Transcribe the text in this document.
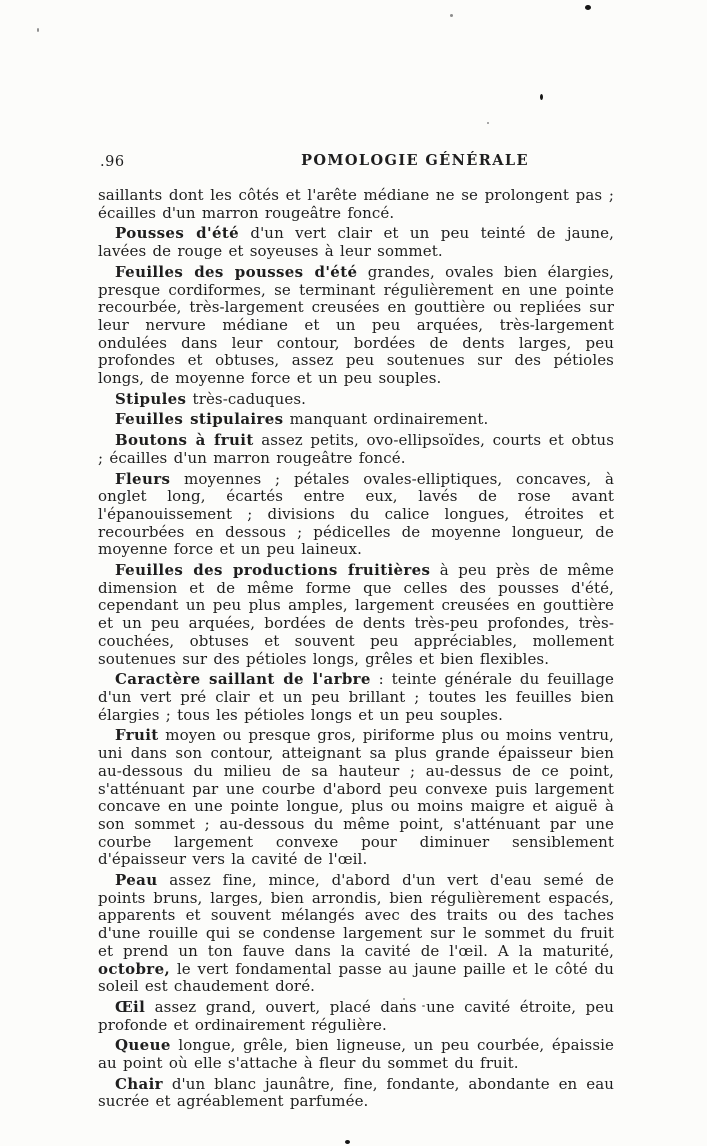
.96	POMOLOGIE GÉNÉRALE

saillants dont les côtés et l'arête médiane ne se prolongent pas ; écailles d'un marron rougeâtre foncé.

Pousses d'été d'un vert clair et un peu teinté de jaune, lavées de rouge et soyeuses à leur sommet.

Feuilles des pousses d'été grandes, ovales bien élargies, presque cordiformes, se terminant régulièrement en une pointe recourbée, très-largement creusées en gouttière ou repliées sur leur nervure médiane et un peu arquées, très-largement ondulées dans leur contour, bordées de dents larges, peu profondes et obtuses, assez peu soutenues sur des pétioles longs, de moyenne force et un peu souples.

Stipules très-caduques.

Feuilles stipulaires manquant ordinairement.

Boutons à fruit assez petits, ovo-ellipsoïdes, courts et obtus ; écailles d'un marron rougeâtre foncé.

Fleurs moyennes ; pétales ovales-elliptiques, concaves, à onglet long, écartés entre eux, lavés de rose avant l'épanouissement ; divisions du calice longues, étroites et recourbées en dessous ; pédicelles de moyenne longueur, de moyenne force et un peu laineux.

Feuilles des productions fruitières à peu près de même dimension et de même forme que celles des pousses d'été, cependant un peu plus amples, largement creusées en gouttière et un peu arquées, bordées de dents très-peu profondes, très-couchées, obtuses et souvent peu appréciables, mollement soutenues sur des pétioles longs, grêles et bien flexibles.

Caractère saillant de l'arbre : teinte générale du feuillage d'un vert pré clair et un peu brillant ; toutes les feuilles bien élargies ; tous les pétioles longs et un peu souples.

Fruit moyen ou presque gros, piriforme plus ou moins ventru, uni dans son contour, atteignant sa plus grande épaisseur bien au-dessous du milieu de sa hauteur ; au-dessus de ce point, s'atténuant par une courbe d'abord peu convexe puis largement concave en une pointe longue, plus ou moins maigre et aiguë à son sommet ; au-dessous du même point, s'atténuant par une courbe largement convexe pour diminuer sensiblement d'épaisseur vers la cavité de l'œil.

Peau assez fine, mince, d'abord d'un vert d'eau semé de points bruns, larges, bien arrondis, bien régulièrement espacés, apparents et souvent mélangés avec des traits ou des taches d'une rouille qui se condense largement sur le sommet du fruit et prend un ton fauve dans la cavité de l'œil. A la maturité, octobre, le vert fondamental passe au jaune paille et le côté du soleil est chaudement doré.

Œil assez grand, ouvert, placé dans une cavité étroite, peu profonde et ordinairement régulière.

Queue longue, grêle, bien ligneuse, un peu courbée, épaissie au point où elle s'attache à fleur du sommet du fruit.

Chair d'un blanc jaunâtre, fine, fondante, abondante en eau sucrée et agréablement parfumée.
